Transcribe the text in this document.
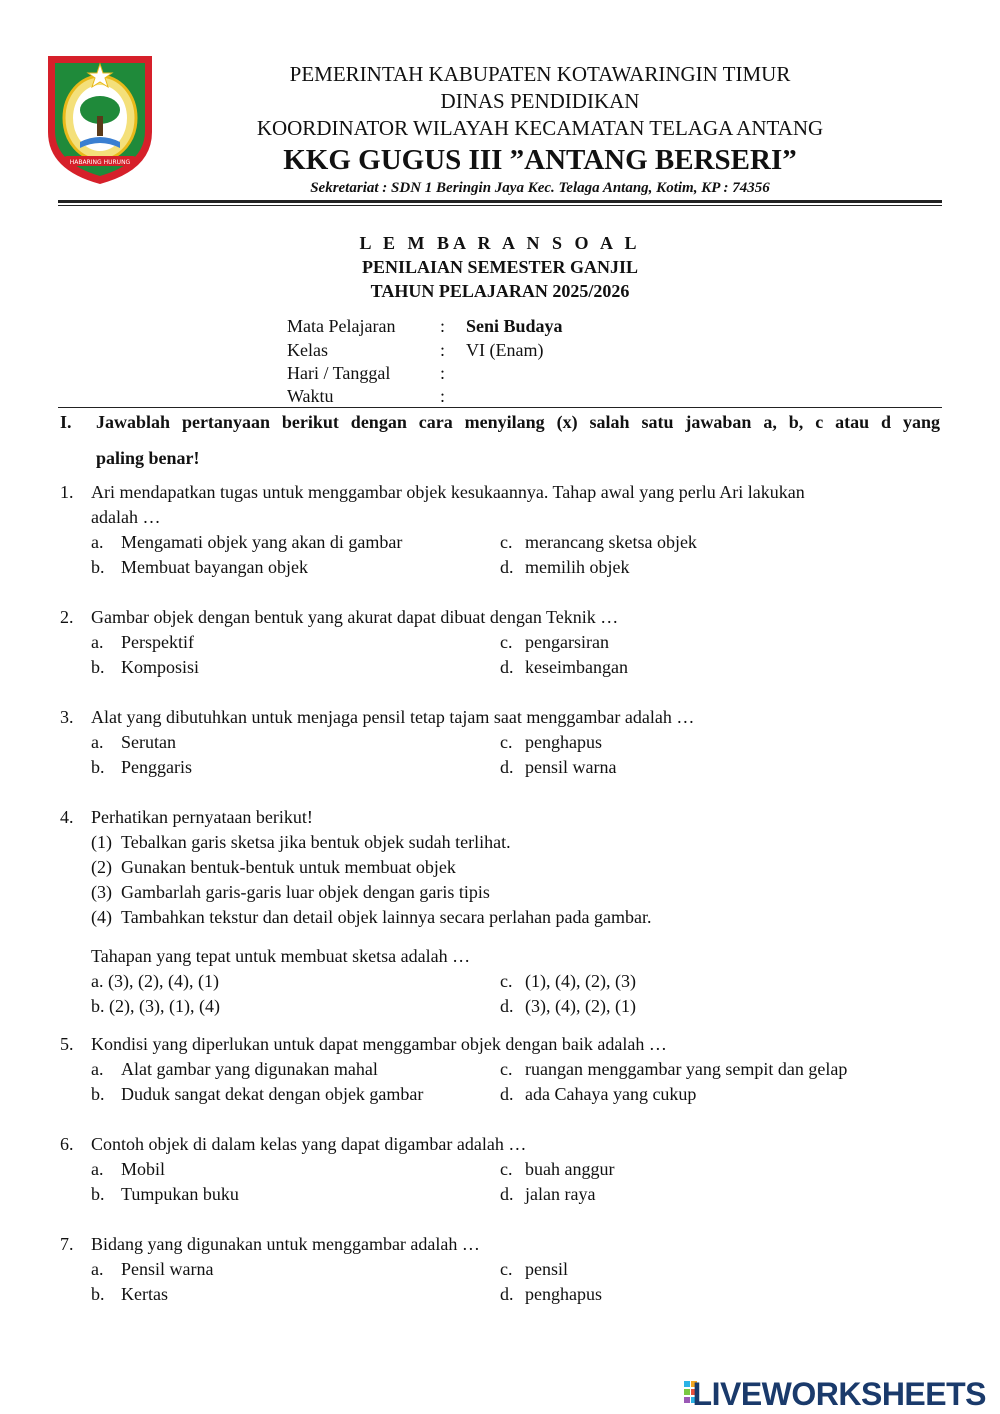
HABARING HURUNG
PEMERINTAH KABUPATEN KOTAWARINGIN TIMUR
DINAS PENDIDIKAN
KOORDINATOR WILAYAH KECAMATAN TELAGA ANTANG
KKG GUGUS III ”ANTANG BERSERI”
Sekretariat : SDN 1 Beringin Jaya Kec. Telaga Antang, Kotim, KP : 74356
L E M BA R A N S O A L
PENILAIAN SEMESTER GANJIL
TAHUN PELAJARAN 2025/2026
Mata Pelajaran : Seni Budaya
Kelas	: VI (Enam)
Hari / Tanggal	:
Waktu	:
I. Jawablah pertanyaan berikut dengan cara menyilang (x) salah satu jawaban a, b, c atau d yang
paling benar!
1. Ari mendapatkan tugas untuk menggambar objek kesukaannya. Tahap awal yang perlu Ari lakukan
adalah …
a. Mengamati objek yang akan di gambar	c. merancang sketsa objek
b. Membuat bayangan objek	d. memilih objek
2. Gambar objek dengan bentuk yang akurat dapat dibuat dengan Teknik …
a. Perspektif	c. pengarsiran
b. Komposisi	d. keseimbangan
3. Alat yang dibutuhkan untuk menjaga pensil tetap tajam saat menggambar adalah …
a. Serutan	c. penghapus
b. Penggaris	d. pensil warna
4. Perhatikan pernyataan berikut!
(1) Tebalkan garis sketsa jika bentuk objek sudah terlihat.
(2) Gunakan bentuk-bentuk untuk membuat objek
(3) Gambarlah garis-garis luar objek dengan garis tipis
(4) Tambahkan tekstur dan detail objek lainnya secara perlahan pada gambar.
Tahapan yang tepat untuk membuat sketsa adalah …
a. (3), (2), (4), (1)	c. (1), (4), (2), (3)
b. (2), (3), (1), (4)	d. (3), (4), (2), (1)
5. Kondisi yang diperlukan untuk dapat menggambar objek dengan baik adalah …
a. Alat gambar yang digunakan mahal	c. ruangan menggambar yang sempit dan gelap
b. Duduk sangat dekat dengan objek gambar	d. ada Cahaya yang cukup
6. Contoh objek di dalam kelas yang dapat digambar adalah …
a. Mobil	c. buah anggur
b. Tumpukan buku	d. jalan raya
7. Bidang yang digunakan untuk menggambar adalah …
a. Pensil warna	c. pensil
b. Kertas	d. penghapus
LIVEWORKSHEETS
